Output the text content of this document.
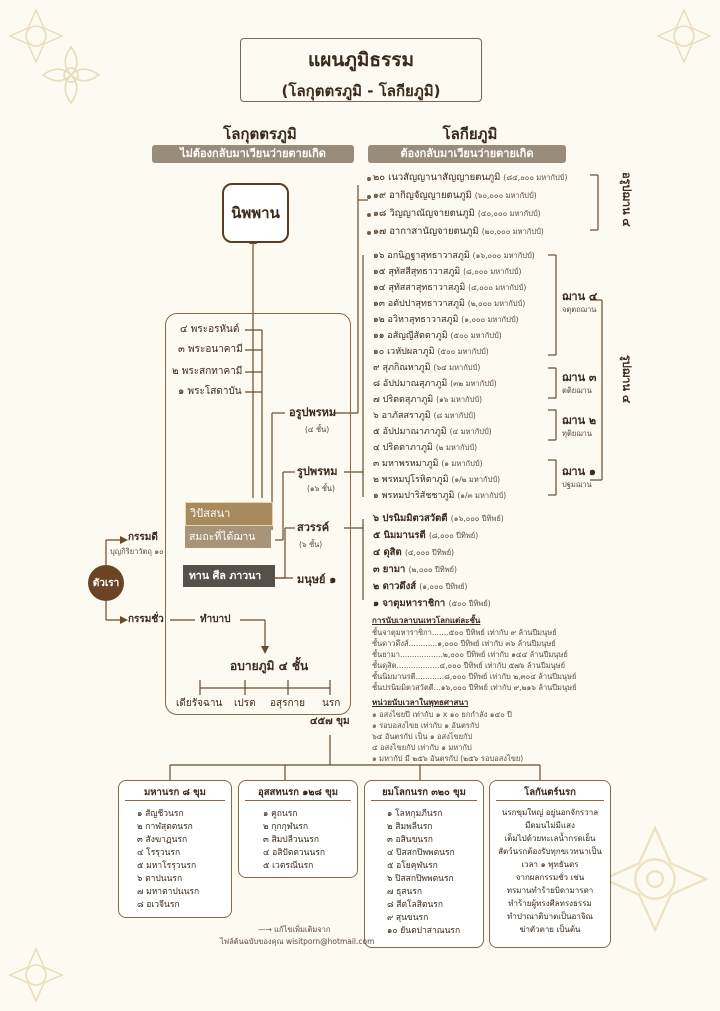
แผนภูมิธรรม
(โลกุตตรภูมิ - โลกียภูมิ)
โลกุตตรภูมิ	โลกียภูมิ
ไม่ต้องกลับมาเวียนว่ายตายเกิด	ต้องกลับมาเวียนว่ายตายเกิด
นิพพาน
๔ พระอรหันต์
๓ พระอนาคามี
๒ พระสกทาคามี
๑ พระโสดาบัน
วิปัสสนา
สมถะที่ได้ฌาน
ทาน ศีล ภาวนา
อรูปพรหม
(๔ ชั้น)
รูปพรหม
(๑๖ ชั้น)
สวรรค์
(๖ ชั้น)
มนุษย์ ๑
ตัวเรา
กรรมดี
บุญกิริยาวัตถุ ๑๐
กรรมชั่ว	ทำบาป
อบายภูมิ ๔ ชั้น
เดียรัจฉาน เปรต อสุรกาย นรก
๔๕๗ ขุม
๒๐ เนวสัญญานาสัญญายตนภูมิ (๘๔,๐๐๐ มหากัปป์)
๑๙ อากิญจัญญายตนภูมิ (๖๐,๐๐๐ มหากัปป์)
๑๘ วิญญาณัญจายตนภูมิ (๔๐,๐๐๐ มหากัปป์)
๑๗ อากาสานัญจายตนภูมิ (๒๐,๐๐๐ มหากัปป์)
๑๖ อกนิฏฐาสุทธาวาสภูมิ (๑๖,๐๐๐ มหากัปป์)
๑๕ สุทัสสีสุทธาวาสภูมิ (๘,๐๐๐ มหากัปป์)
๑๔ สุทัสสาสุทธาวาสภูมิ (๔,๐๐๐ มหากัปป์)
๑๓ อตัปปาสุทธาวาสภูมิ (๒,๐๐๐ มหากัปป์)
๑๒ อวิหาสุทธาวาสภูมิ (๑,๐๐๐ มหากัปป์)
๑๑ อสัญญีสัตตาภูมิ (๕๐๐ มหากัปป์)
๑๐ เวหัปผลาภูมิ (๕๐๐ มหากัปป์)
๙ สุภกิณหาภูมิ (๖๔ มหากัปป์)
๘ อัปปมาณสุภาภูมิ (๓๒ มหากัปป์)
๗ ปริตตสุภาภูมิ (๑๖ มหากัปป์)
๖ อาภัสสราภูมิ (๘ มหากัปป์)
๕ อัปปมาณาภาภูมิ (๔ มหากัปป์)
๔ ปริตตาภาภูมิ (๒ มหากัปป์)
๓ มหาพรหมาภูมิ (๑ มหากัปป์)
๒ พรหมปุโรหิตาภูมิ (๑/๒ มหากัปป์)
๑ พรหมปาริสัชชาภูมิ (๑/๓ มหากัปป์)
ฌาน ๔
จตุตถฌาน
ฌาน ๓
ตติยฌาน
ฌาน ๒
ทุติยฌาน
ฌาน ๑
ปฐมฌาน
อรูปฌาน ๔
รูปฌาน ๔
๖ ปรนิมมิตวสวัตตี (๑๖,๐๐๐ ปีทิพย์)
๕ นิมมานรตี (๘,๐๐๐ ปีทิพย์)
๔ ดุสิต (๔,๐๐๐ ปีทิพย์)
๓ ยามา (๒,๐๐๐ ปีทิพย์)
๒ ดาวดึงส์ (๑,๐๐๐ ปีทิพย์)
๑ จาตุมหาราชิกา (๕๐๐ ปีทิพย์)
การนับเวลาบนเทวโลกแต่ละชั้น
ชั้นจาตุมหาราชิกา.......๕๐๐ ปีทิพย์ เท่ากับ ๙ ล้านปีมนุษย์
ชั้นดาวดึงส์............๑,๐๐๐ ปีทิพย์ เท่ากับ ๓๖ ล้านปีมนุษย์
ชั้นยามา..................๒,๐๐๐ ปีทิพย์ เท่ากับ ๑๔๔ ล้านปีมนุษย์
ชั้นดุสิต..................๔,๐๐๐ ปีทิพย์ เท่ากับ ๕๗๖ ล้านปีมนุษย์
ชั้นนิมมานรตี............๘,๐๐๐ ปีทิพย์ เท่ากับ ๒,๓๐๔ ล้านปีมนุษย์
ชั้นปรนิมมิตวสวัตตี...๑๖,๐๐๐ ปีทิพย์ เท่ากับ ๙,๒๑๖ ล้านปีมนุษย์
หน่วยนับเวลาในพุทธศาสนา
๑ อสงไขยปี เท่ากับ ๑ x ๑๐ ยกกำลัง ๑๔๐ ปี
๑ รอบอสงไขย เท่ากับ ๑ อันตรกัป
๖๔ อันตรกัป เป็น ๑ อสงไขยกัป
๔ อสงไขยกัป เท่ากับ ๑ มหากัป
๑ มหากัป มี ๒๕๖ อันตรกัป (๒๕๖ รอบอสงไขย)
มหานรก ๘ ขุม
๑ สัญชีวนรก
๒ กาฬสุตตนรก
๓ สังฆาฏนรก
๔ โรรุวนรก
๕ มหาโรรุวนรก
๖ ตาปนนรก
๗ มหาตาปนนรก
๘ อเวจีนรก
อุสสทนรก ๑๒๘ ขุม
๑ คูถนรก
๒ กุกกุฬนรก
๓ สิมปลีวนนรก
๔ อสิปัตตวนนรก
๕ เวตรณีนรก
ยมโลกนรก ๓๒๐ ขุม
๑ โลหกุมภีนรก
๒ สิมพลีนรก
๓ อสินขนรก
๔ ปิสสกปิพพตนรก
๕ อโยคุฬนรก
๖ ปิสสกปิพพตนรก
๗ ธุสนรก
๘ สีตโลสิตนรก
๙ สุนขนรก
๑๐ ยันตปาสาณนรก
โลกันตร์นรก
นรกขุมใหญ่ อยู่นอกจักรวาล
มืดมนไม่มีแสง
เต็มไปด้วยทะเลน้ำกรดเย็น
สัตว์นรกต้องรับทุกขเวทนาเป็น
เวลา ๑ พุทธันดร
จากผลกรรมชั่ว เช่น
ทรมานทำร้ายบิดามารดา
ทำร้ายผู้ทรงศีลทรงธรรม
ทำปาณาติบาตเป็นอาจิณ
ฆ่าตัวตาย เป็นต้น
—→ แก้ไขเพิ่มเติมจาก
ไฟล์ต้นฉบับของคุณ wisitporn@hotmail.com
